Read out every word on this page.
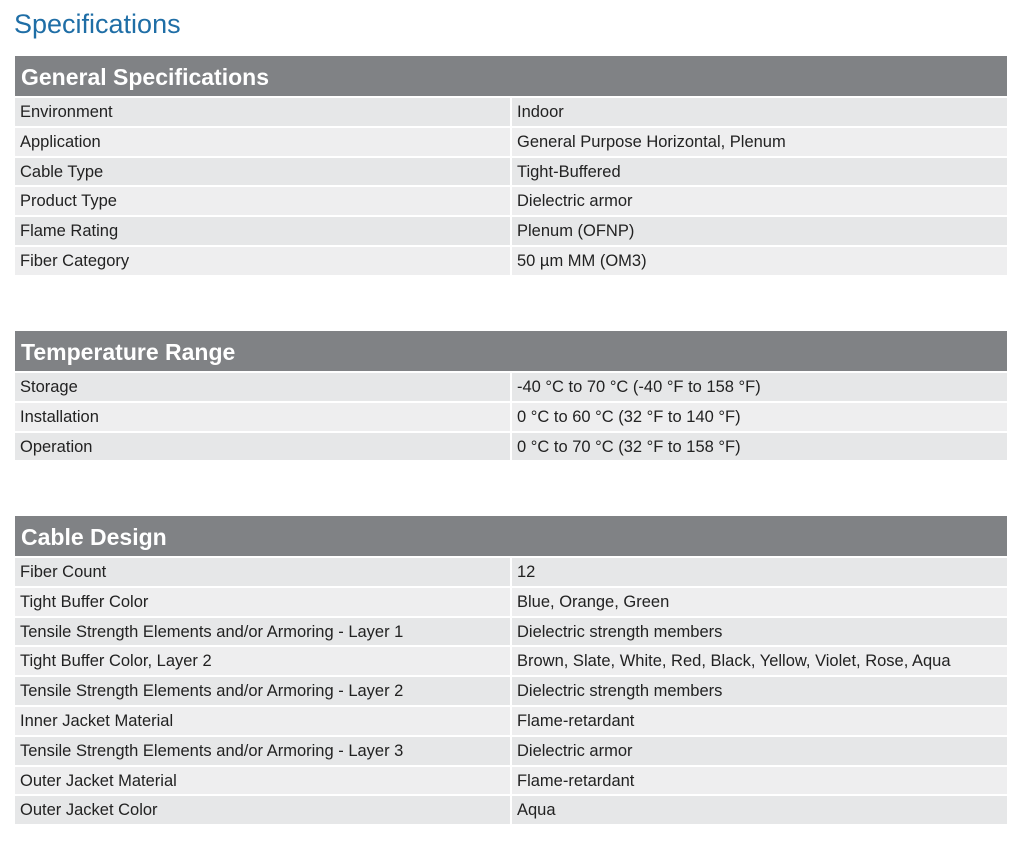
Specifications
General Specifications
Environment	Indoor
Application	General Purpose Horizontal, Plenum
Cable Type	Tight-Buffered
Product Type	Dielectric armor
Flame Rating	Plenum (OFNP)
Fiber Category	50 µm MM (OM3)
Temperature Range
Storage	-40 °C to 70 °C (-40 °F to 158 °F)
Installation	0 °C to 60 °C (32 °F to 140 °F)
Operation	0 °C to 70 °C (32 °F to 158 °F)
Cable Design
Fiber Count	12
Tight Buffer Color	Blue, Orange, Green
Tensile Strength Elements and/or Armoring - Layer 1	Dielectric strength members
Tight Buffer Color, Layer 2	Brown, Slate, White, Red, Black, Yellow, Violet, Rose, Aqua
Tensile Strength Elements and/or Armoring - Layer 2	Dielectric strength members
Inner Jacket Material	Flame-retardant
Tensile Strength Elements and/or Armoring - Layer 3	Dielectric armor
Outer Jacket Material	Flame-retardant
Outer Jacket Color	Aqua
